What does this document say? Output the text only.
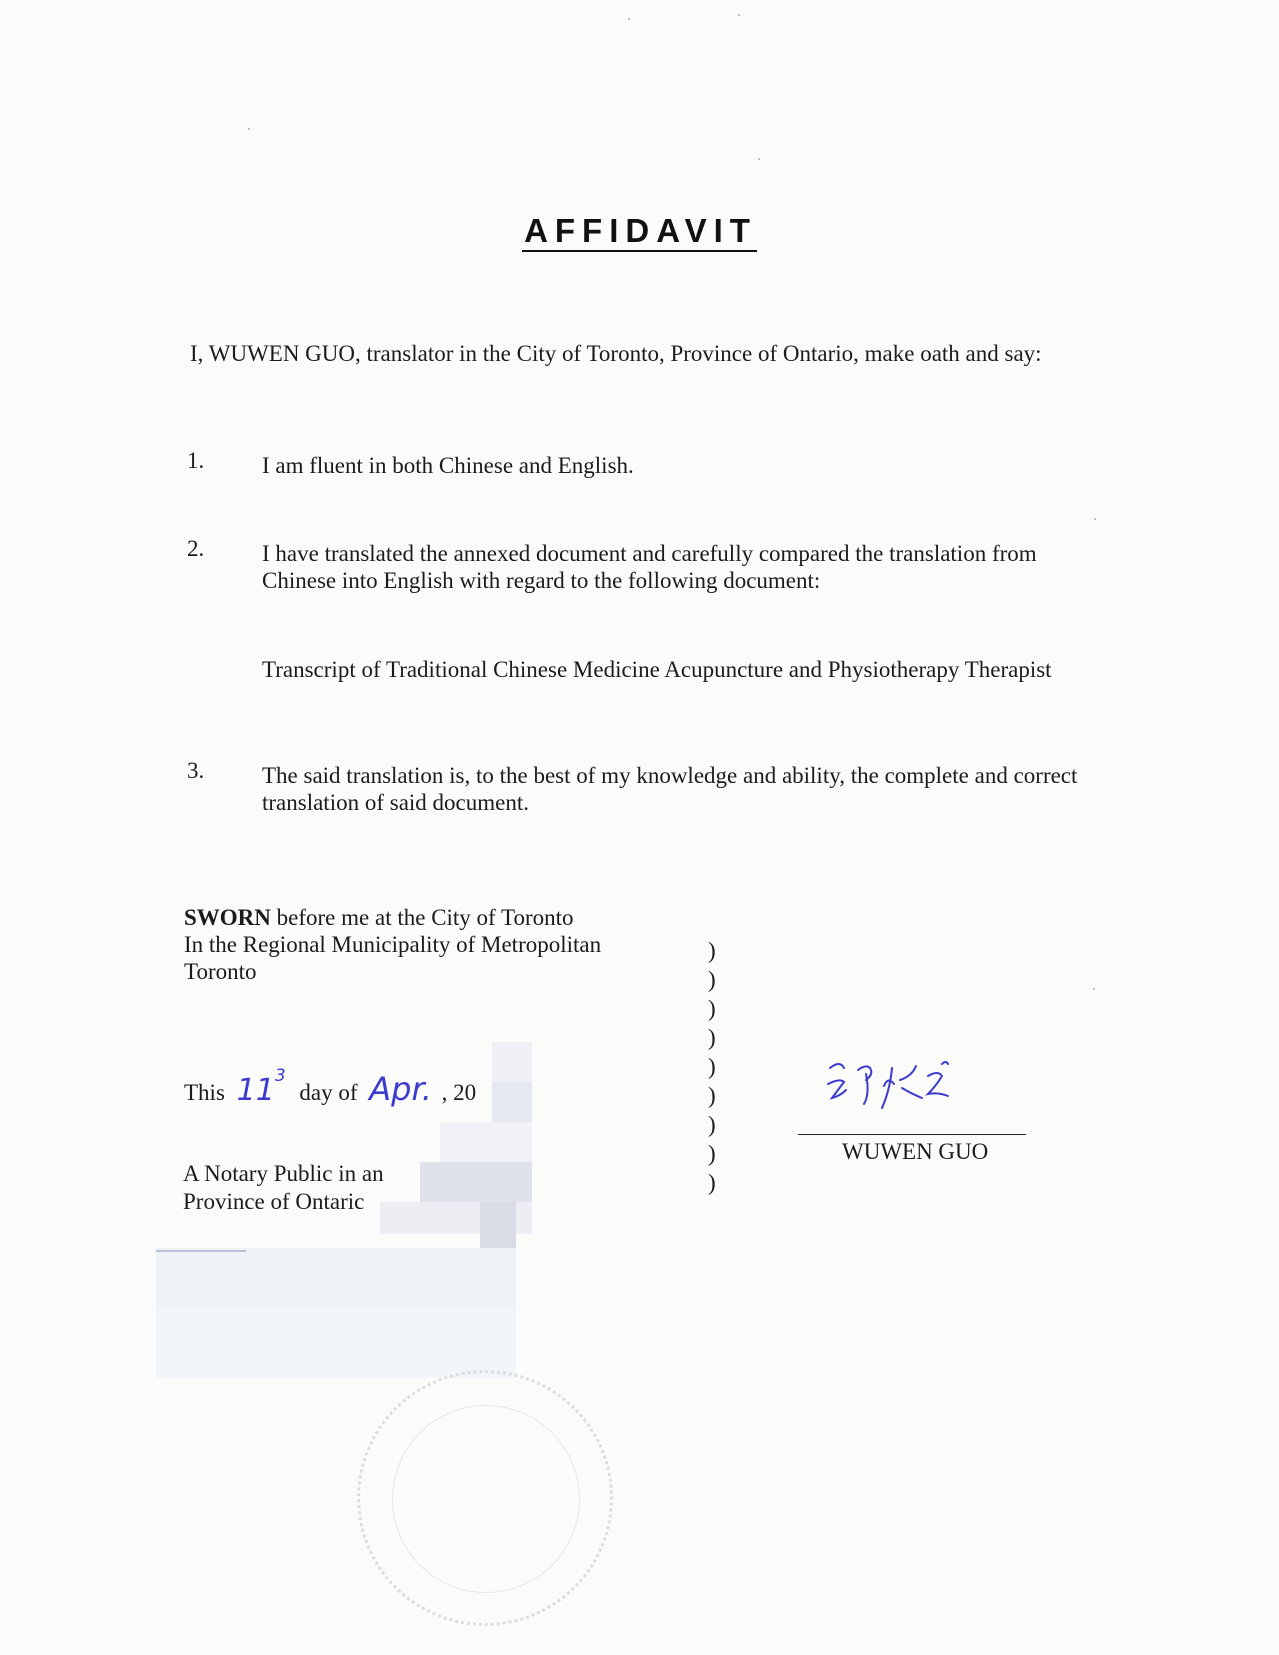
AFFIDAVIT
I, WUWEN GUO, translator in the City of Toronto, Province of Ontario, make oath and say:
1.	I am fluent in both Chinese and English.
2.	I have translated the annexed document and carefully compared the translation from Chinese into English with regard to the following document:
Transcript of Traditional Chinese Medicine Acupuncture and Physiotherapy Therapist
3.	The said translation is, to the best of my knowledge and ability, the complete and correct translation of said document.
SWORN before me at the City of Toronto
In the Regional Municipality of Metropolitan
Toronto
)
)
)
)
)
)
)
)
)
This $11^3$ day of Apr. , 20
A Notary Public in an
Province of Ontaric
WUWEN GUO
